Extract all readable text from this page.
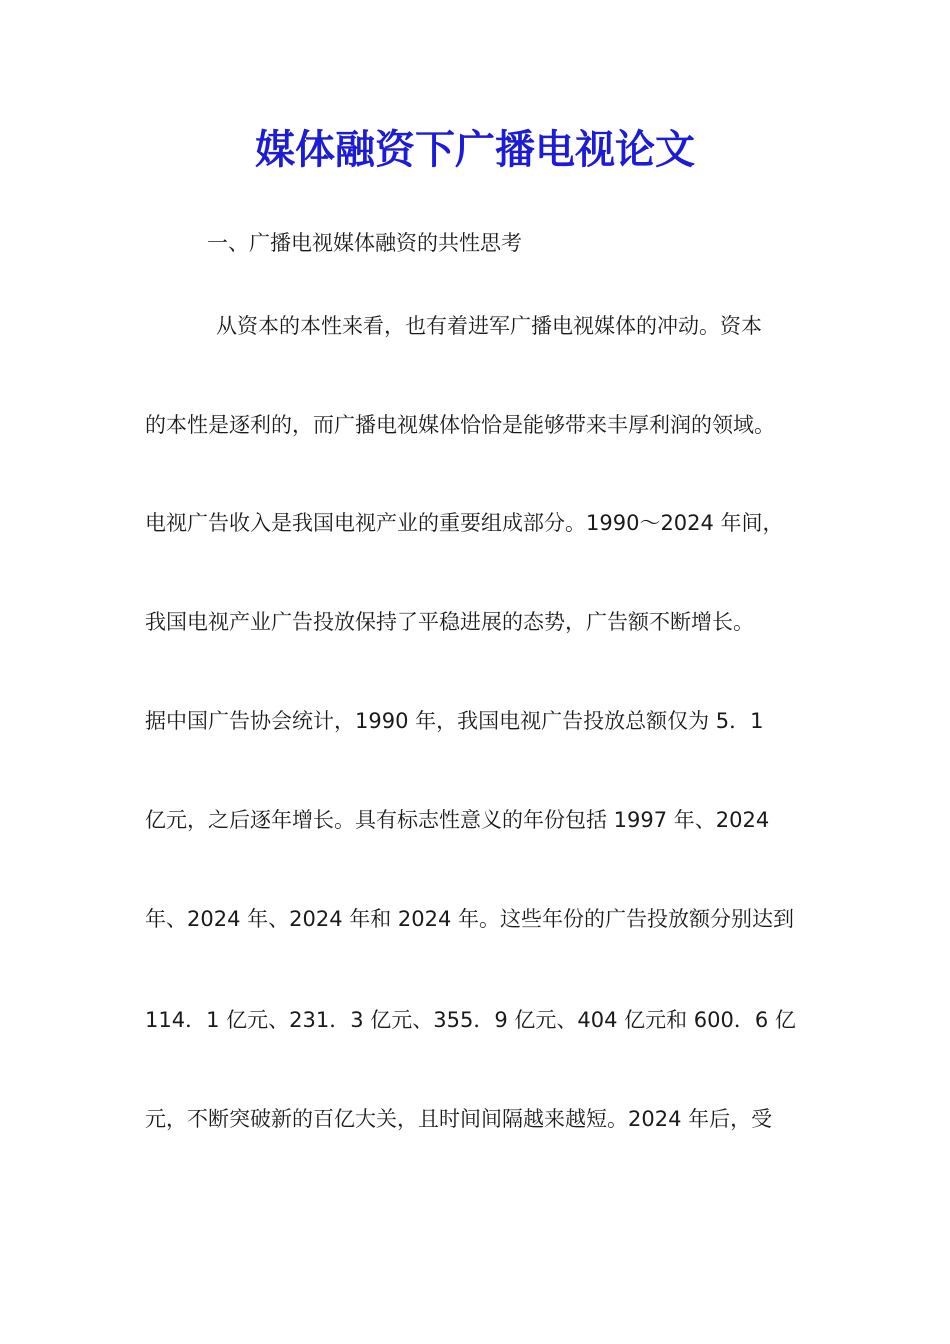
媒体融资下广播电视论文
一、广播电视媒体融资的共性思考
从资本的本性来看，也有着进军广播电视媒体的冲动。资本
的本性是逐利的，而广播电视媒体恰恰是能够带来丰厚利润的领域。
电视广告收入是我国电视产业的重要组成部分。1990～2024 年间，
我国电视产业广告投放保持了平稳进展的态势，广告额不断增长。
据中国广告协会统计，1990 年，我国电视广告投放总额仅为 5．1
亿元，之后逐年增长。具有标志性意义的年份包括 1997 年、2024
年、2024 年、2024 年和 2024 年。这些年份的广告投放额分别达到
114．1 亿元、231．3 亿元、355．9 亿元、404 亿元和 600．6 亿
元，不断突破新的百亿大关，且时间间隔越来越短。2024 年后，受
